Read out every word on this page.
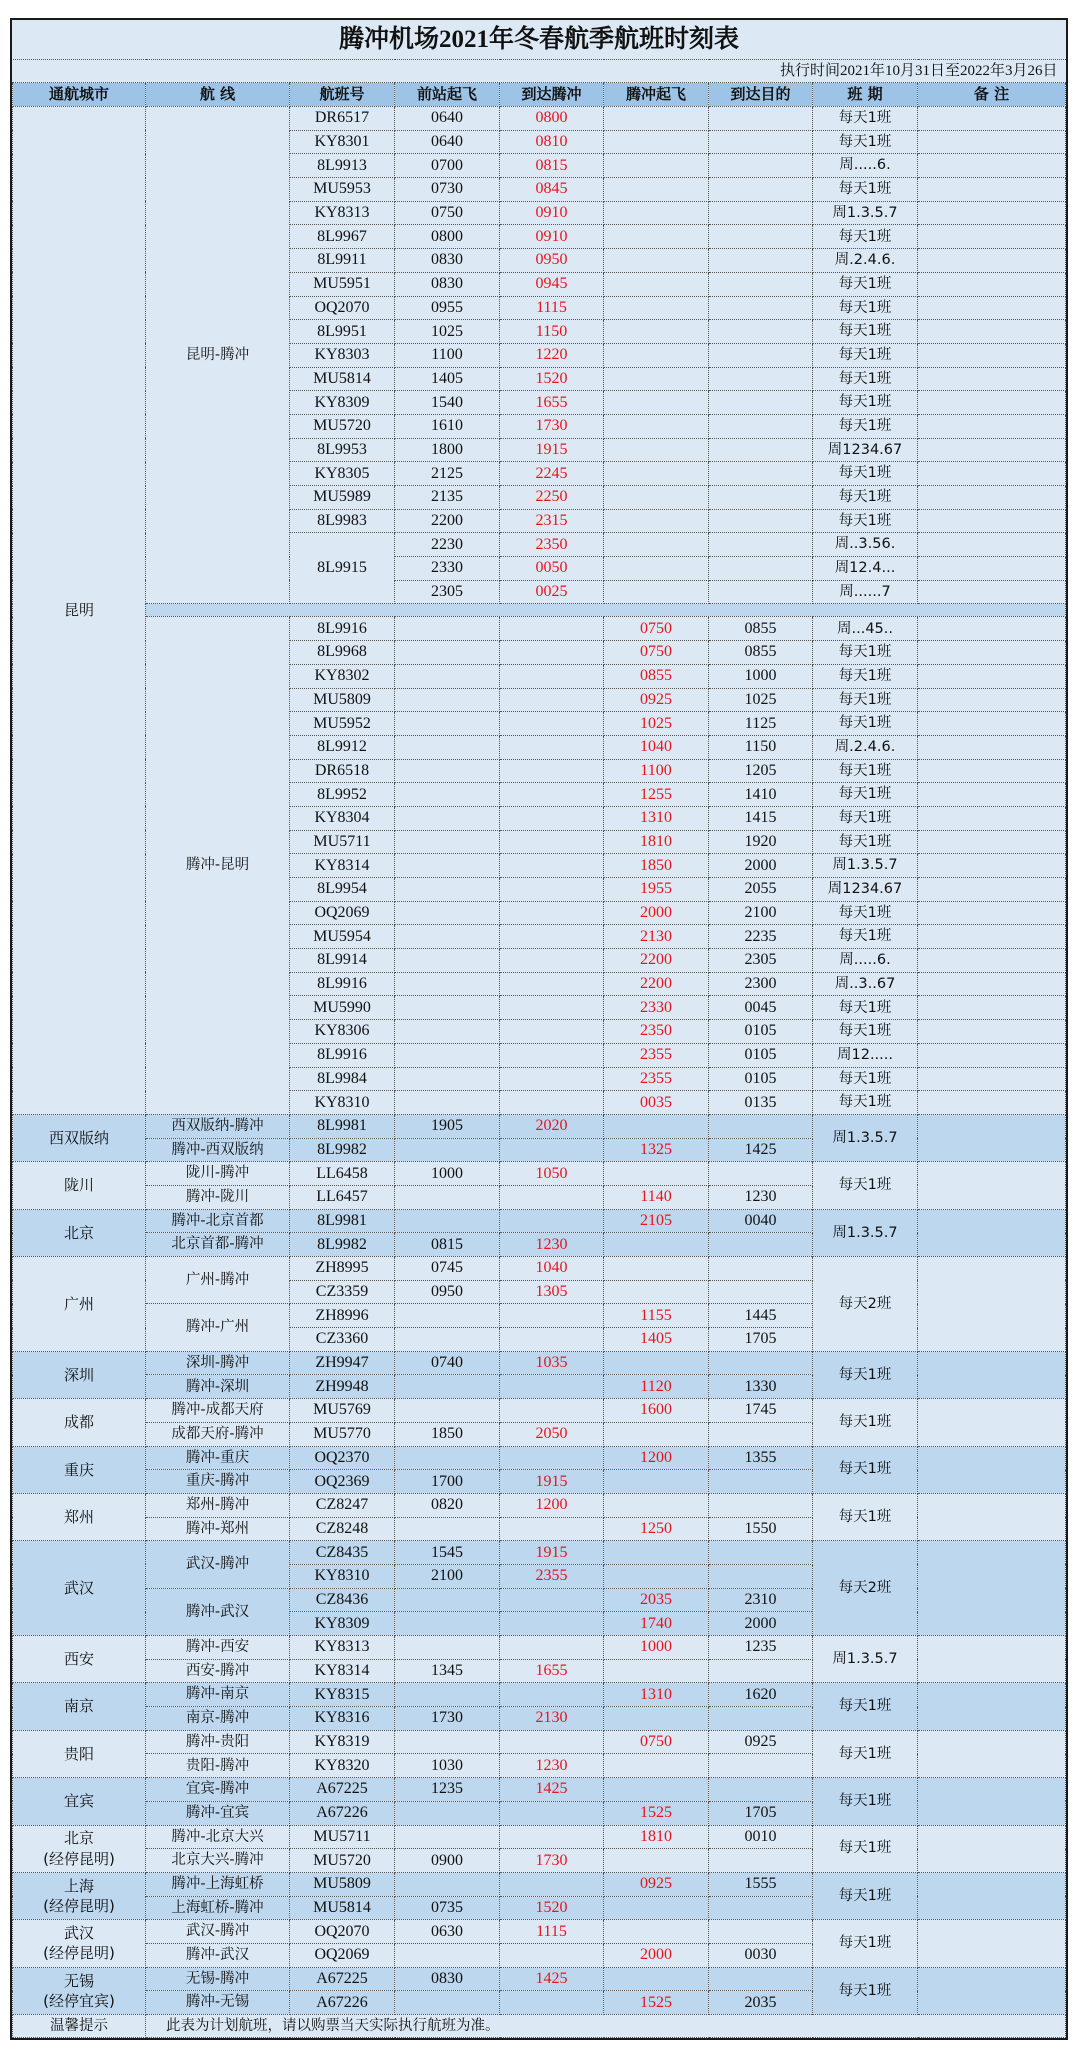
腾冲机场2021年冬春航季航班时刻表								
执行时间2021年10月31日至2022年3月26日								
通航城市	航 线	航班号	前站起飞	到达腾冲	腾冲起飞	到达目的	班 期	备 注
昆明	昆明-腾冲	DR6517	0640	0800			每天1班	
		KY8301	0640	0810			每天1班	
		8L9913	0700	0815			周.....6.	
		MU5953	0730	0845			每天1班	
		KY8313	0750	0910			周1.3.5.7	
		8L9967	0800	0910			每天1班	
		8L9911	0830	0950			周.2.4.6.	
		MU5951	0830	0945			每天1班	
		OQ2070	0955	1115			每天1班	
		8L9951	1025	1150			每天1班	
		KY8303	1100	1220			每天1班	
		MU5814	1405	1520			每天1班	
		KY8309	1540	1655			每天1班	
		MU5720	1610	1730			每天1班	
		8L9953	1800	1915			周1234.67	
		KY8305	2125	2245			每天1班	
		MU5989	2135	2250			每天1班	
		8L9983	2200	2315			每天1班	
		8L9915	2230	2350			周..3.56.	
			2330	0050			周12.4...	
			2305	0025			周......7	

	腾冲-昆明	8L9916			0750	0855	周...45..	
		8L9968			0750	0855	每天1班	
		KY8302			0855	1000	每天1班	
		MU5809			0925	1025	每天1班	
		MU5952			1025	1125	每天1班	
		8L9912			1040	1150	周.2.4.6.	
		DR6518			1100	1205	每天1班	
		8L9952			1255	1410	每天1班	
		KY8304			1310	1415	每天1班	
		MU5711			1810	1920	每天1班	
		KY8314			1850	2000	周1.3.5.7	
		8L9954			1955	2055	周1234.67	
		OQ2069			2000	2100	每天1班	
		MU5954			2130	2235	每天1班	
		8L9914			2200	2305	周.....6.	
		8L9916			2200	2300	周..3..67	
		MU5990			2330	0045	每天1班	
		KY8306			2350	0105	每天1班	
		8L9916			2355	0105	周12.....	
		8L9984			2355	0105	每天1班	
		KY8310			0035	0135	每天1班	

西双版纳	西双版纳-腾冲	8L9981	1905	2020			周1.3.5.7	
	腾冲-西双版纳	8L9982			1325	1425		

陇川	陇川-腾冲	LL6458	1000	1050			每天1班	
	腾冲-陇川	LL6457			1140	1230		

北京	腾冲-北京首都	8L9981			2105	0040	周1.3.5.7	
	北京首都-腾冲	8L9982	0815	1230				
广州	广州-腾冲	ZH8995	0745	1040			每天2班	
		CZ3359	0950	1305				
	腾冲-广州	ZH8996			1155	1445		
		CZ3360			1405	1705		

深圳	深圳-腾冲	ZH9947	0740	1035			每天1班	
	腾冲-深圳	ZH9948			1120	1330		

成都	腾冲-成都天府	MU5769			1600	1745	每天1班	
	成都天府-腾冲	MU5770	1850	2050				

重庆	腾冲-重庆	OQ2370			1200	1355	每天1班	
	重庆-腾冲	OQ2369	1700	1915				

郑州	郑州-腾冲	CZ8247	0820	1200			每天1班	
	腾冲-郑州	CZ8248			1250	1550		
武汉	武汉-腾冲	CZ8435	1545	1915			每天2班	
		KY8310	2100	2355				
	腾冲-武汉	CZ8436			2035	2310		
		KY8309			1740	2000		

西安	腾冲-西安	KY8313			1000	1235	周1.3.5.7	
	西安-腾冲	KY8314	1345	1655				

南京	腾冲-南京	KY8315			1310	1620	每天1班	
	南京-腾冲	KY8316	1730	2130				

贵阳	腾冲-贵阳	KY8319			0750	0925	每天1班	
	贵阳-腾冲	KY8320	1030	1230				

宜宾	宜宾-腾冲	A67225	1235	1425			每天1班	
	腾冲-宜宾	A67226			1525	1705		

北京
(经停昆明)	腾冲-北京大兴	MU5711			1810	0010	每天1班	
	北京大兴-腾冲	MU5720	0900	1730				

上海
(经停昆明)	腾冲-上海虹桥	MU5809			0925	1555	每天1班	
	上海虹桥-腾冲	MU5814	0735	1520				

武汉
(经停昆明)	武汉-腾冲	OQ2070	0630	1115			每天1班	
	腾冲-武汉	OQ2069			2000	0030		

无锡
(经停宜宾)	无锡-腾冲	A67225	0830	1425			每天1班	
	腾冲-无锡	A67226			1525	2035		
温馨提示	此表为计划航班，请以购票当天实际执行航班为准。							
